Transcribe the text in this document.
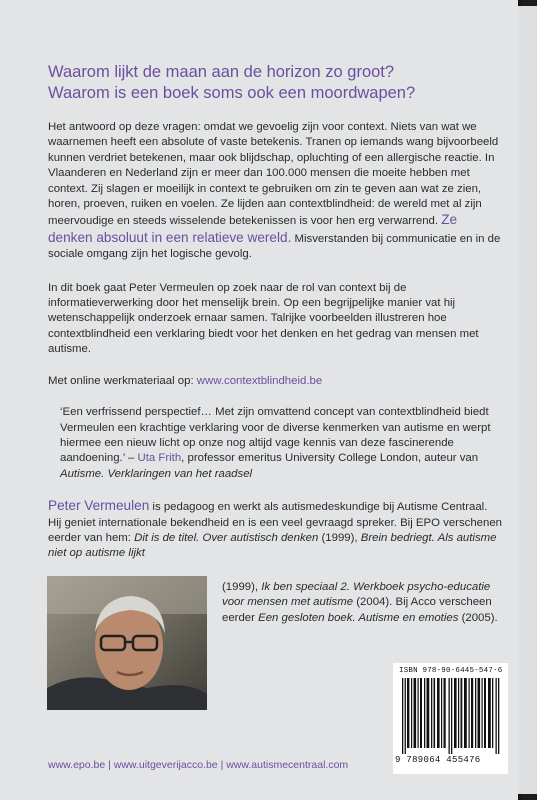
Waarom lijkt de maan aan de horizon zo groot?

Waarom is een boek soms ook een moordwapen?

Het antwoord op deze vragen: omdat we gevoelig zijn voor context. Niets van wat we waarnemen heeft een absolute of vaste betekenis. Tranen op iemands wang bijvoorbeeld kunnen verdriet betekenen, maar ook blijdschap, opluchting of een allergische reactie. In Vlaanderen en Nederland zijn er meer dan 100.000 mensen die moeite hebben met context. Zij slagen er moeilijk in context te gebruiken om zin te geven aan wat ze zien, horen, proeven, ruiken en voelen. Ze lijden aan contextblindheid: de wereld met al zijn meervoudige en steeds wisselende betekenissen is voor hen erg verwarrend. Ze denken absoluut in een relatieve wereld. Misverstanden bij communicatie en in de sociale omgang zijn het logische gevolg.

In dit boek gaat Peter Vermeulen op zoek naar de rol van context bij de informatieverwerking door het menselijk brein. Op een begrijpelijke manier vat hij wetenschappelijk onderzoek ernaar samen. Talrijke voorbeelden illustreren hoe contextblindheid een verklaring biedt voor het denken en het gedrag van mensen met autisme.

Met online werkmateriaal op: www.contextblindheid.be

‘Een verfrissend perspectief… Met zijn omvattend concept van contextblindheid biedt Vermeulen een krachtige verklaring voor de diverse kenmerken van autisme en werpt hiermee een nieuw licht op onze nog altijd vage kennis van deze fascinerende aandoening.’ – Uta Frith, professor emeritus University College London, auteur van Autisme. Verklaringen van het raadsel

Peter Vermeulen is pedagoog en werkt als autismedeskundige bij Autisme Centraal. Hij geniet internationale bekendheid en is een veel gevraagd spreker. Bij EPO verschenen eerder van hem: Dit is de titel. Over autistisch denken (1999), Brein bedriegt. Als autisme niet op autisme lijkt

(1999), Ik ben speciaal 2. Werkboek psycho-educatie voor mensen met autisme (2004). Bij Acco verscheen eerder Een gesloten boek. Autisme en emoties (2005).

ISBN 978-90-6445-547-6
9 789064 455476
www.epo.be | www.uitgeverijacco.be | www.autismecentraal.com
